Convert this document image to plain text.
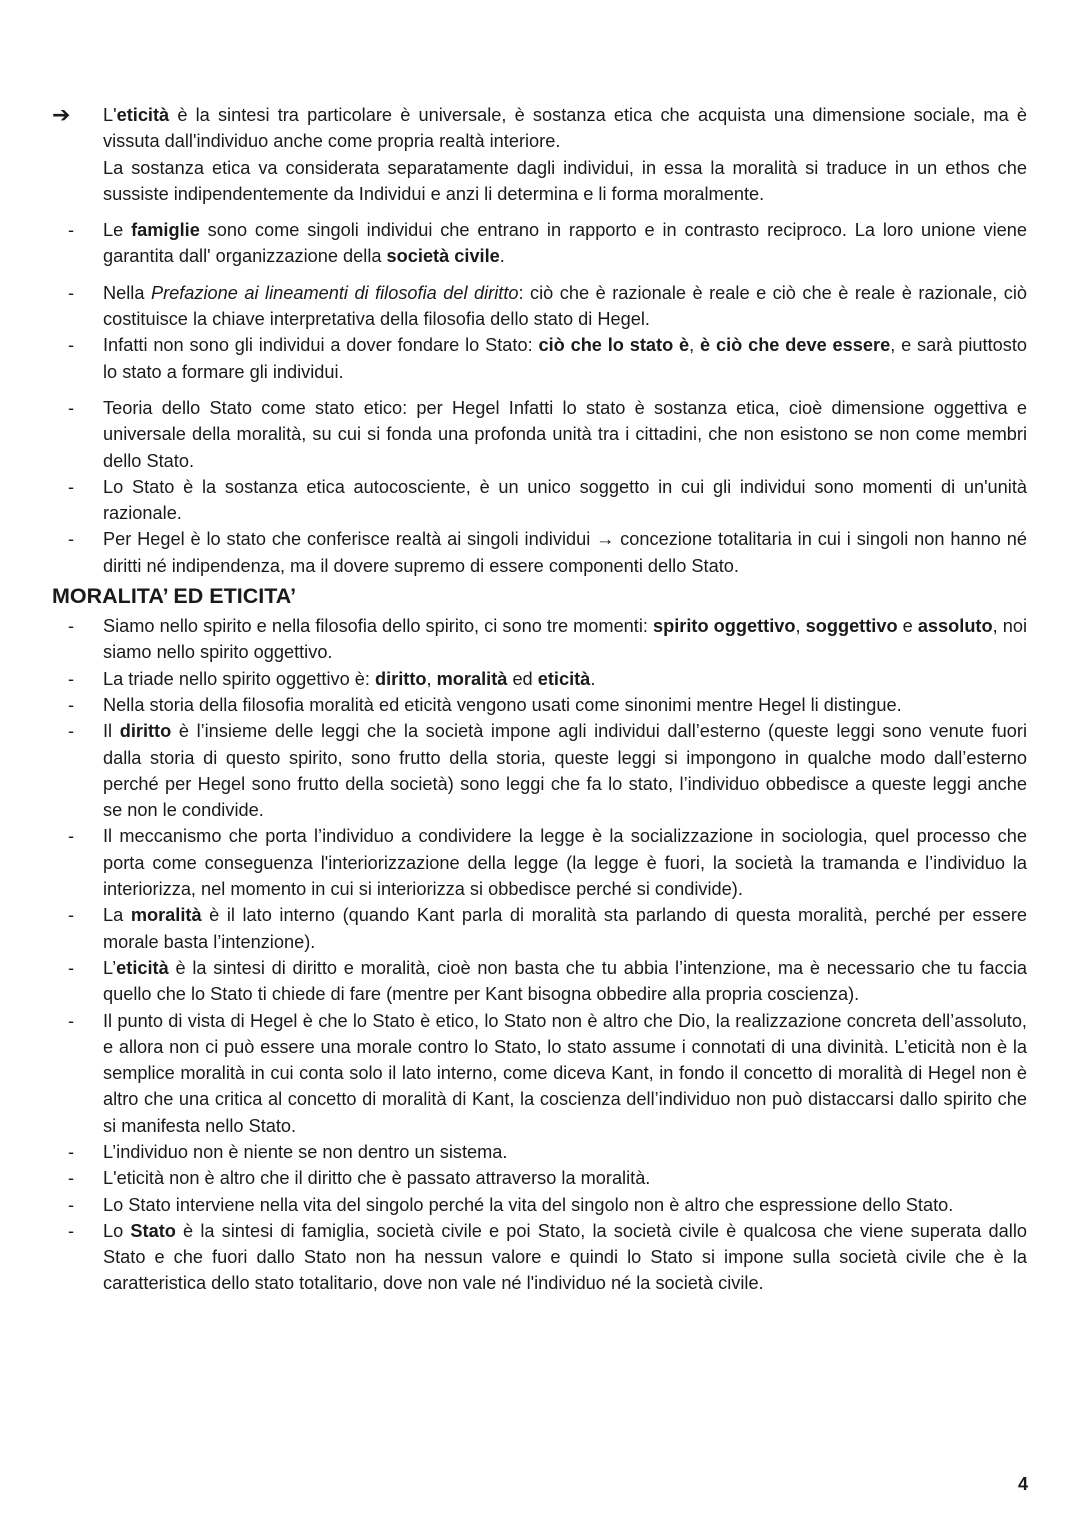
➔	L'eticità è la sintesi tra particolare è universale, è sostanza etica che acquista una dimensione sociale, ma è vissuta dall'individuo anche come propria realtà interiore.
La sostanza etica va considerata separatamente dagli individui, in essa la moralità si traduce in un ethos che sussiste indipendentemente da Individui e anzi li determina e li forma moralmente.
-	Le famiglie sono come singoli individui che entrano in rapporto e in contrasto reciproco. La loro unione viene garantita dall' organizzazione della società civile.
-	Nella Prefazione ai lineamenti di filosofia del diritto: ciò che è razionale è reale e ciò che è reale è razionale, ciò costituisce la chiave interpretativa della filosofia dello stato di Hegel.
-	Infatti non sono gli individui a dover fondare lo Stato: ciò che lo stato è, è ciò che deve essere, e sarà piuttosto lo stato a formare gli individui.
-	Teoria dello Stato come stato etico: per Hegel Infatti lo stato è sostanza etica, cioè dimensione oggettiva e universale della moralità, su cui si fonda una profonda unità tra i cittadini, che non esistono se non come membri dello Stato.
-	Lo Stato è la sostanza etica autocosciente, è un unico soggetto in cui gli individui sono momenti di un'unità razionale.
-	Per Hegel è lo stato che conferisce realtà ai singoli individui → concezione totalitaria in cui i singoli non hanno né diritti né indipendenza, ma il dovere supremo di essere componenti dello Stato.
MORALITA’ ED ETICITA’
-	Siamo nello spirito e nella filosofia dello spirito, ci sono tre momenti: spirito oggettivo, soggettivo e assoluto, noi siamo nello spirito oggettivo.
-	La triade nello spirito oggettivo è: diritto, moralità ed eticità.
-	Nella storia della filosofia moralità ed eticità vengono usati come sinonimi mentre Hegel li distingue.
-	Il diritto è l’insieme delle leggi che la società impone agli individui dall’esterno (queste leggi sono venute fuori dalla storia di questo spirito, sono frutto della storia, queste leggi si impongono in qualche modo dall’esterno perché per Hegel sono frutto della società) sono leggi che fa lo stato, l’individuo obbedisce a queste leggi anche se non le condivide.
-	Il meccanismo che porta l’individuo a condividere la legge è la socializzazione in sociologia, quel processo che porta come conseguenza l'interiorizzazione della legge (la legge è fuori, la società la tramanda e l’individuo la interiorizza, nel momento in cui si interiorizza si obbedisce perché si condivide).
-	La moralità è il lato interno (quando Kant parla di moralità sta parlando di questa moralità, perché per essere morale basta l’intenzione).
-	L’eticità è la sintesi di diritto e moralità, cioè non basta che tu abbia l’intenzione, ma è necessario che tu faccia quello che lo Stato ti chiede di fare (mentre per Kant bisogna obbedire alla propria coscienza).
-	Il punto di vista di Hegel è che lo Stato è etico, lo Stato non è altro che Dio, la realizzazione concreta dell’assoluto, e allora non ci può essere una morale contro lo Stato, lo stato assume i connotati di una divinità. L’eticità non è la semplice moralità in cui conta solo il lato interno, come diceva Kant, in fondo il concetto di moralità di Hegel non è altro che una critica al concetto di moralità di Kant, la coscienza dell’individuo non può distaccarsi dallo spirito che si manifesta nello Stato.
-	L’individuo non è niente se non dentro un sistema.
-	L'eticità non è altro che il diritto che è passato attraverso la moralità.
-	Lo Stato interviene nella vita del singolo perché la vita del singolo non è altro che espressione dello Stato.
-	Lo Stato è la sintesi di famiglia, società civile e poi Stato, la società civile è qualcosa che viene superata dallo Stato e che fuori dallo Stato non ha nessun valore e quindi lo Stato si impone sulla società civile che è la caratteristica dello stato totalitario, dove non vale né l'individuo né la società civile.
4
